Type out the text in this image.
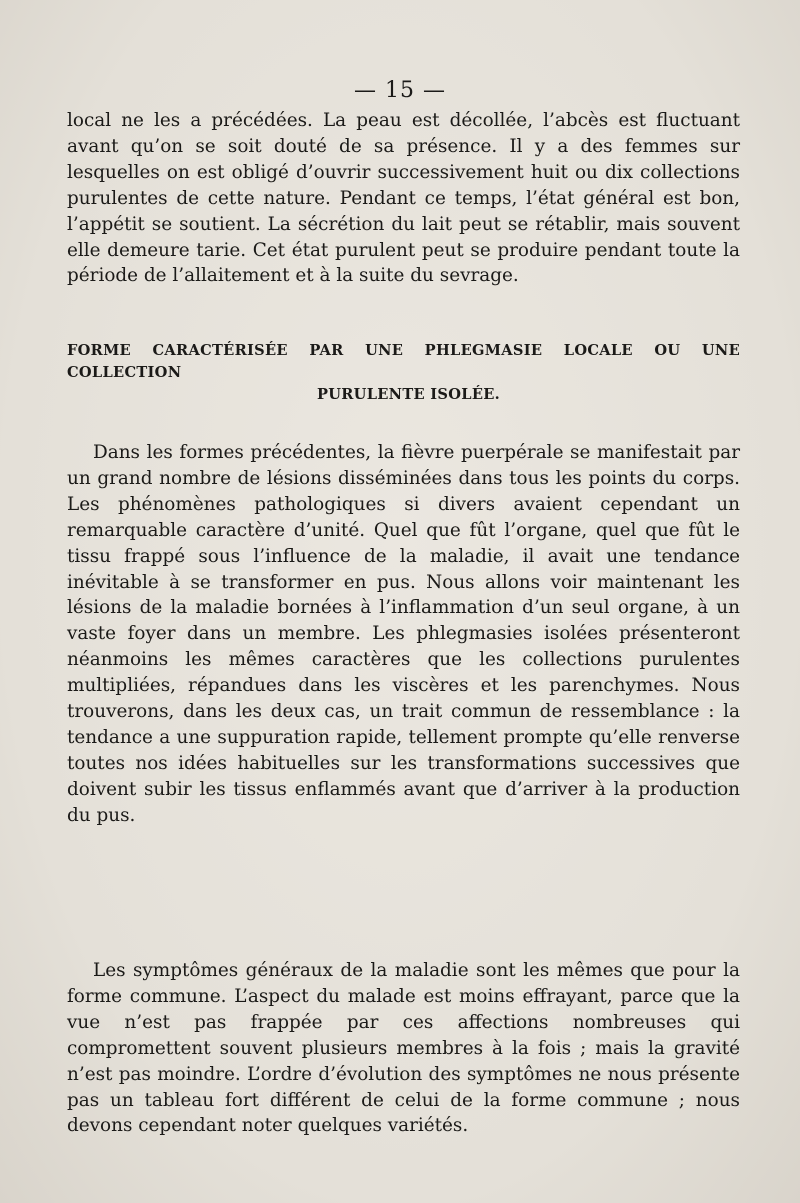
— 15 —

local ne les a précédées. La peau est décollée, l’abcès est fluctuant avant qu’on se soit douté de sa présence. Il y a des femmes sur lesquelles on est obligé d’ouvrir successivement huit ou dix collections purulentes de cette nature. Pendant ce temps, l’état général est bon, l’appétit se soutient. La sécrétion du lait peut se rétablir, mais souvent elle demeure tarie. Cet état purulent peut se produire pendant toute la période de l’allaitement et à la suite du sevrage.

FORME CARACTÉRISÉE PAR UNE PHLEGMASIE LOCALE OU UNE COLLECTION
PURULENTE ISOLÉE.

Dans les formes précédentes, la fièvre puerpérale se manifestait par un grand nombre de lésions disséminées dans tous les points du corps. Les phénomènes pathologiques si divers avaient cependant un remarquable caractère d’unité. Quel que fût l’organe, quel que fût le tissu frappé sous l’influence de la maladie, il avait une tendance inévitable à se transformer en pus. Nous allons voir maintenant les lésions de la maladie bornées à l’inflammation d’un seul organe, à un vaste foyer dans un membre. Les phlegmasies isolées présenteront néanmoins les mêmes caractères que les collections purulentes multipliées, répandues dans les viscères et les parenchymes. Nous trouverons, dans les deux cas, un trait commun de ressemblance : la tendance a une suppuration rapide, tellement prompte qu’elle renverse toutes nos idées habituelles sur les transformations successives que doivent subir les tissus enflammés avant que d’arriver à la production du pus.

Les symptômes généraux de la maladie sont les mêmes que pour la forme commune. L’aspect du malade est moins effrayant, parce que la vue n’est pas frappée par ces affections nombreuses qui compromettent souvent plusieurs membres à la fois ; mais la gravité n’est pas moindre. L’ordre d’évolution des symptômes ne nous présente pas un tableau fort différent de celui de la forme commune ; nous devons cependant noter quelques variétés.
